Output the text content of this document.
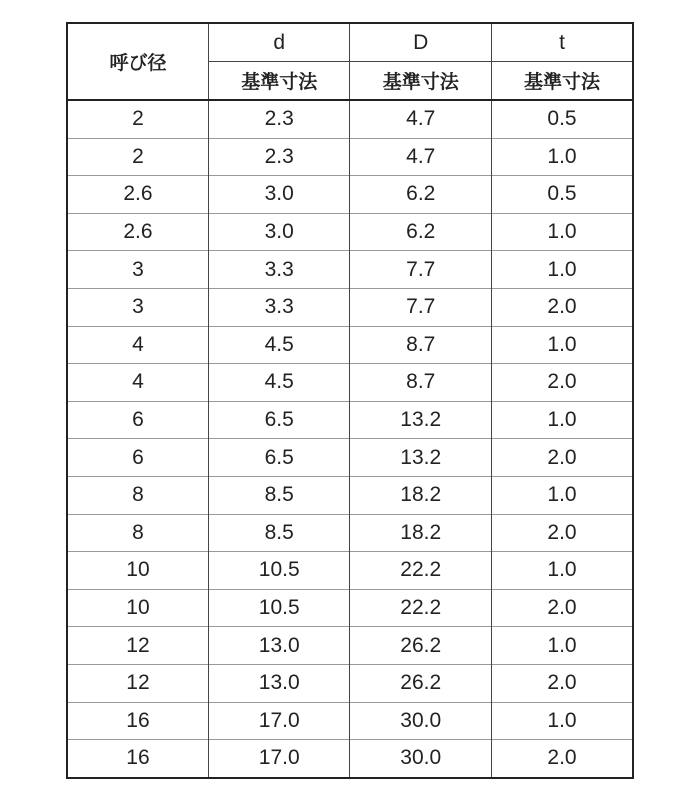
呼び径	d	D	t
	基準寸法	基準寸法	基準寸法
2	2.3	4.7	0.5
2	2.3	4.7	1.0
2.6	3.0	6.2	0.5
2.6	3.0	6.2	1.0
3	3.3	7.7	1.0
3	3.3	7.7	2.0
4	4.5	8.7	1.0
4	4.5	8.7	2.0
6	6.5	13.2	1.0
6	6.5	13.2	2.0
8	8.5	18.2	1.0
8	8.5	18.2	2.0
10	10.5	22.2	1.0
10	10.5	22.2	2.0
12	13.0	26.2	1.0
12	13.0	26.2	2.0
16	17.0	30.0	1.0
16	17.0	30.0	2.0
